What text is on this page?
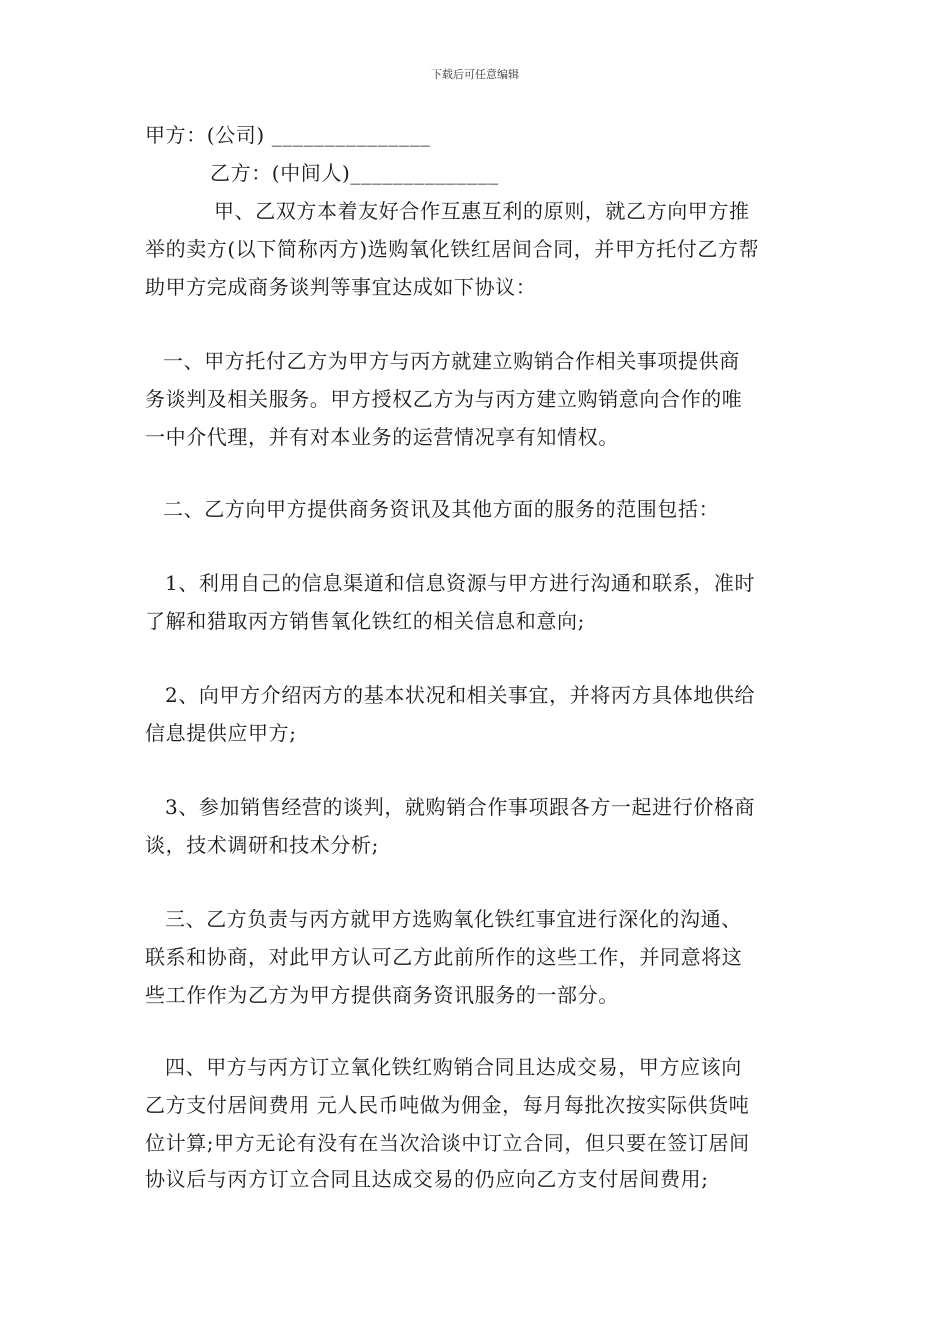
下载后可任意编辑
甲方：(公司) _______________
乙方：(中间人)______________
甲、乙双方本着友好合作互惠互利的原则，就乙方向甲方推
举的卖方(以下简称丙方)选购氧化铁红居间合同，并甲方托付乙方帮
助甲方完成商务谈判等事宜达成如下协议：
一、甲方托付乙方为甲方与丙方就建立购销合作相关事项提供商
务谈判及相关服务。甲方授权乙方为与丙方建立购销意向合作的唯
一中介代理，并有对本业务的运营情况享有知情权。
二、乙方向甲方提供商务资讯及其他方面的服务的范围包括：
1、利用自己的信息渠道和信息资源与甲方进行沟通和联系，准时
了解和猎取丙方销售氧化铁红的相关信息和意向;
2、向甲方介绍丙方的基本状况和相关事宜，并将丙方具体地供给
信息提供应甲方;
3、参加销售经营的谈判，就购销合作事项跟各方一起进行价格商
谈，技术调研和技术分析;
三、乙方负责与丙方就甲方选购氧化铁红事宜进行深化的沟通、
联系和协商，对此甲方认可乙方此前所作的这些工作，并同意将这
些工作作为乙方为甲方提供商务资讯服务的一部分。
四、甲方与丙方订立氧化铁红购销合同且达成交易，甲方应该向
乙方支付居间费用 元人民币吨做为佣金，每月每批次按实际供货吨
位计算;甲方无论有没有在当次洽谈中订立合同，但只要在签订居间
协议后与丙方订立合同且达成交易的仍应向乙方支付居间费用;
